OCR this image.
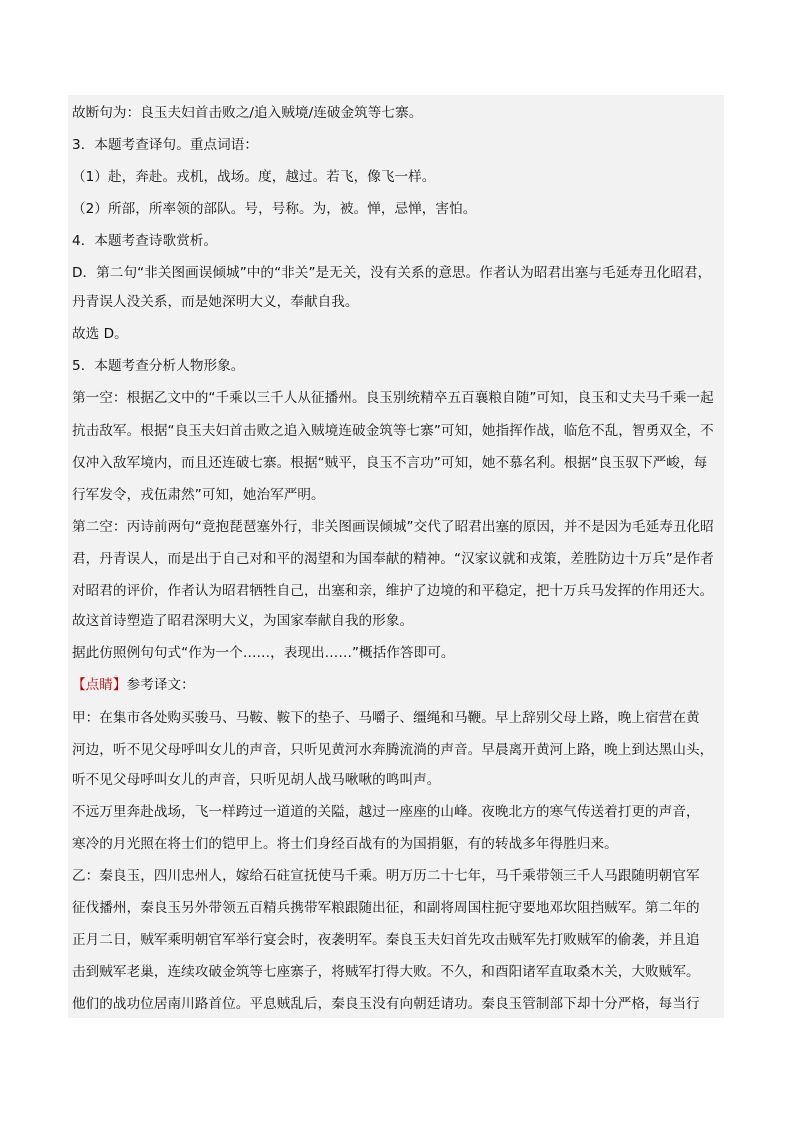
故断句为：良玉夫妇首击败之/追入贼境/连破金筑等七寨。
3．本题考查译句。重点词语：
（1）赴，奔赴。戎机，战场。度，越过。若飞，像飞一样。
（2）所部，所率领的部队。号，号称。为，被。惮，忌惮，害怕。
4．本题考查诗歌赏析。
D．第二句“非关图画误倾城”中的“非关”是无关，没有关系的意思。作者认为昭君出塞与毛延寿丑化昭君，
丹青误人没关系，而是她深明大义，奉献自我。
故选 D。
5．本题考查分析人物形象。
第一空：根据乙文中的“千乘以三千人从征播州。良玉别统精卒五百襄粮自随”可知，良玉和丈夫马千乘一起
抗击敌军。根据“良玉夫妇首击败之追入贼境连破金筑等七寨”可知，她指挥作战，临危不乱，智勇双全，不
仅冲入敌军境内，而且还连破七寨。根据“贼平，良玉不言功”可知，她不慕名利。根据“良玉驭下严峻，每
行军发令，戎伍肃然”可知，她治军严明。
第二空：丙诗前两句“竟抱琵琶塞外行，非关图画误倾城”交代了昭君出塞的原因，并不是因为毛延寿丑化昭
君，丹青误人，而是出于自己对和平的渴望和为国奉献的精神。“汉家议就和戎策，差胜防边十万兵”是作者
对昭君的评价，作者认为昭君牺牲自己，出塞和亲，维护了边境的和平稳定，把十万兵马发挥的作用还大。
故这首诗塑造了昭君深明大义，为国家奉献自我的形象。
据此仿照例句句式“作为一个……，表现出……”概括作答即可。
【点睛】参考译文：
甲：在集市各处购买骏马、马鞍、鞍下的垫子、马嚼子、缰绳和马鞭。早上辞别父母上路，晚上宿营在黄
河边，听不见父母呼叫女儿的声音，只听见黄河水奔腾流淌的声音。早晨离开黄河上路，晚上到达黑山头，
听不见父母呼叫女儿的声音，只听见胡人战马啾啾的鸣叫声。
不远万里奔赴战场，飞一样跨过一道道的关隘，越过一座座的山峰。夜晚北方的寒气传送着打更的声音，
寒冷的月光照在将士们的铠甲上。将士们身经百战有的为国捐躯，有的转战多年得胜归来。
乙：秦良玉，四川忠州人，嫁给石砫宣抚使马千乘。明万历二十七年，马千乘带领三千人马跟随明朝官军
征伐播州，秦良玉另外带领五百精兵携带军粮跟随出征，和副将周国柱扼守要地邓坎阻挡贼军。第二年的
正月二日，贼军乘明朝官军举行宴会时，夜袭明军。秦良玉夫妇首先攻击贼军先打败贼军的偷袭，并且追
击到贼军老巢，连续攻破金筑等七座寨子，将贼军打得大败。不久，和酉阳诸军直取桑木关，大败贼军。
他们的战功位居南川路首位。平息贼乱后，秦良玉没有向朝廷请功。秦良玉管制部下却十分严格，每当行
